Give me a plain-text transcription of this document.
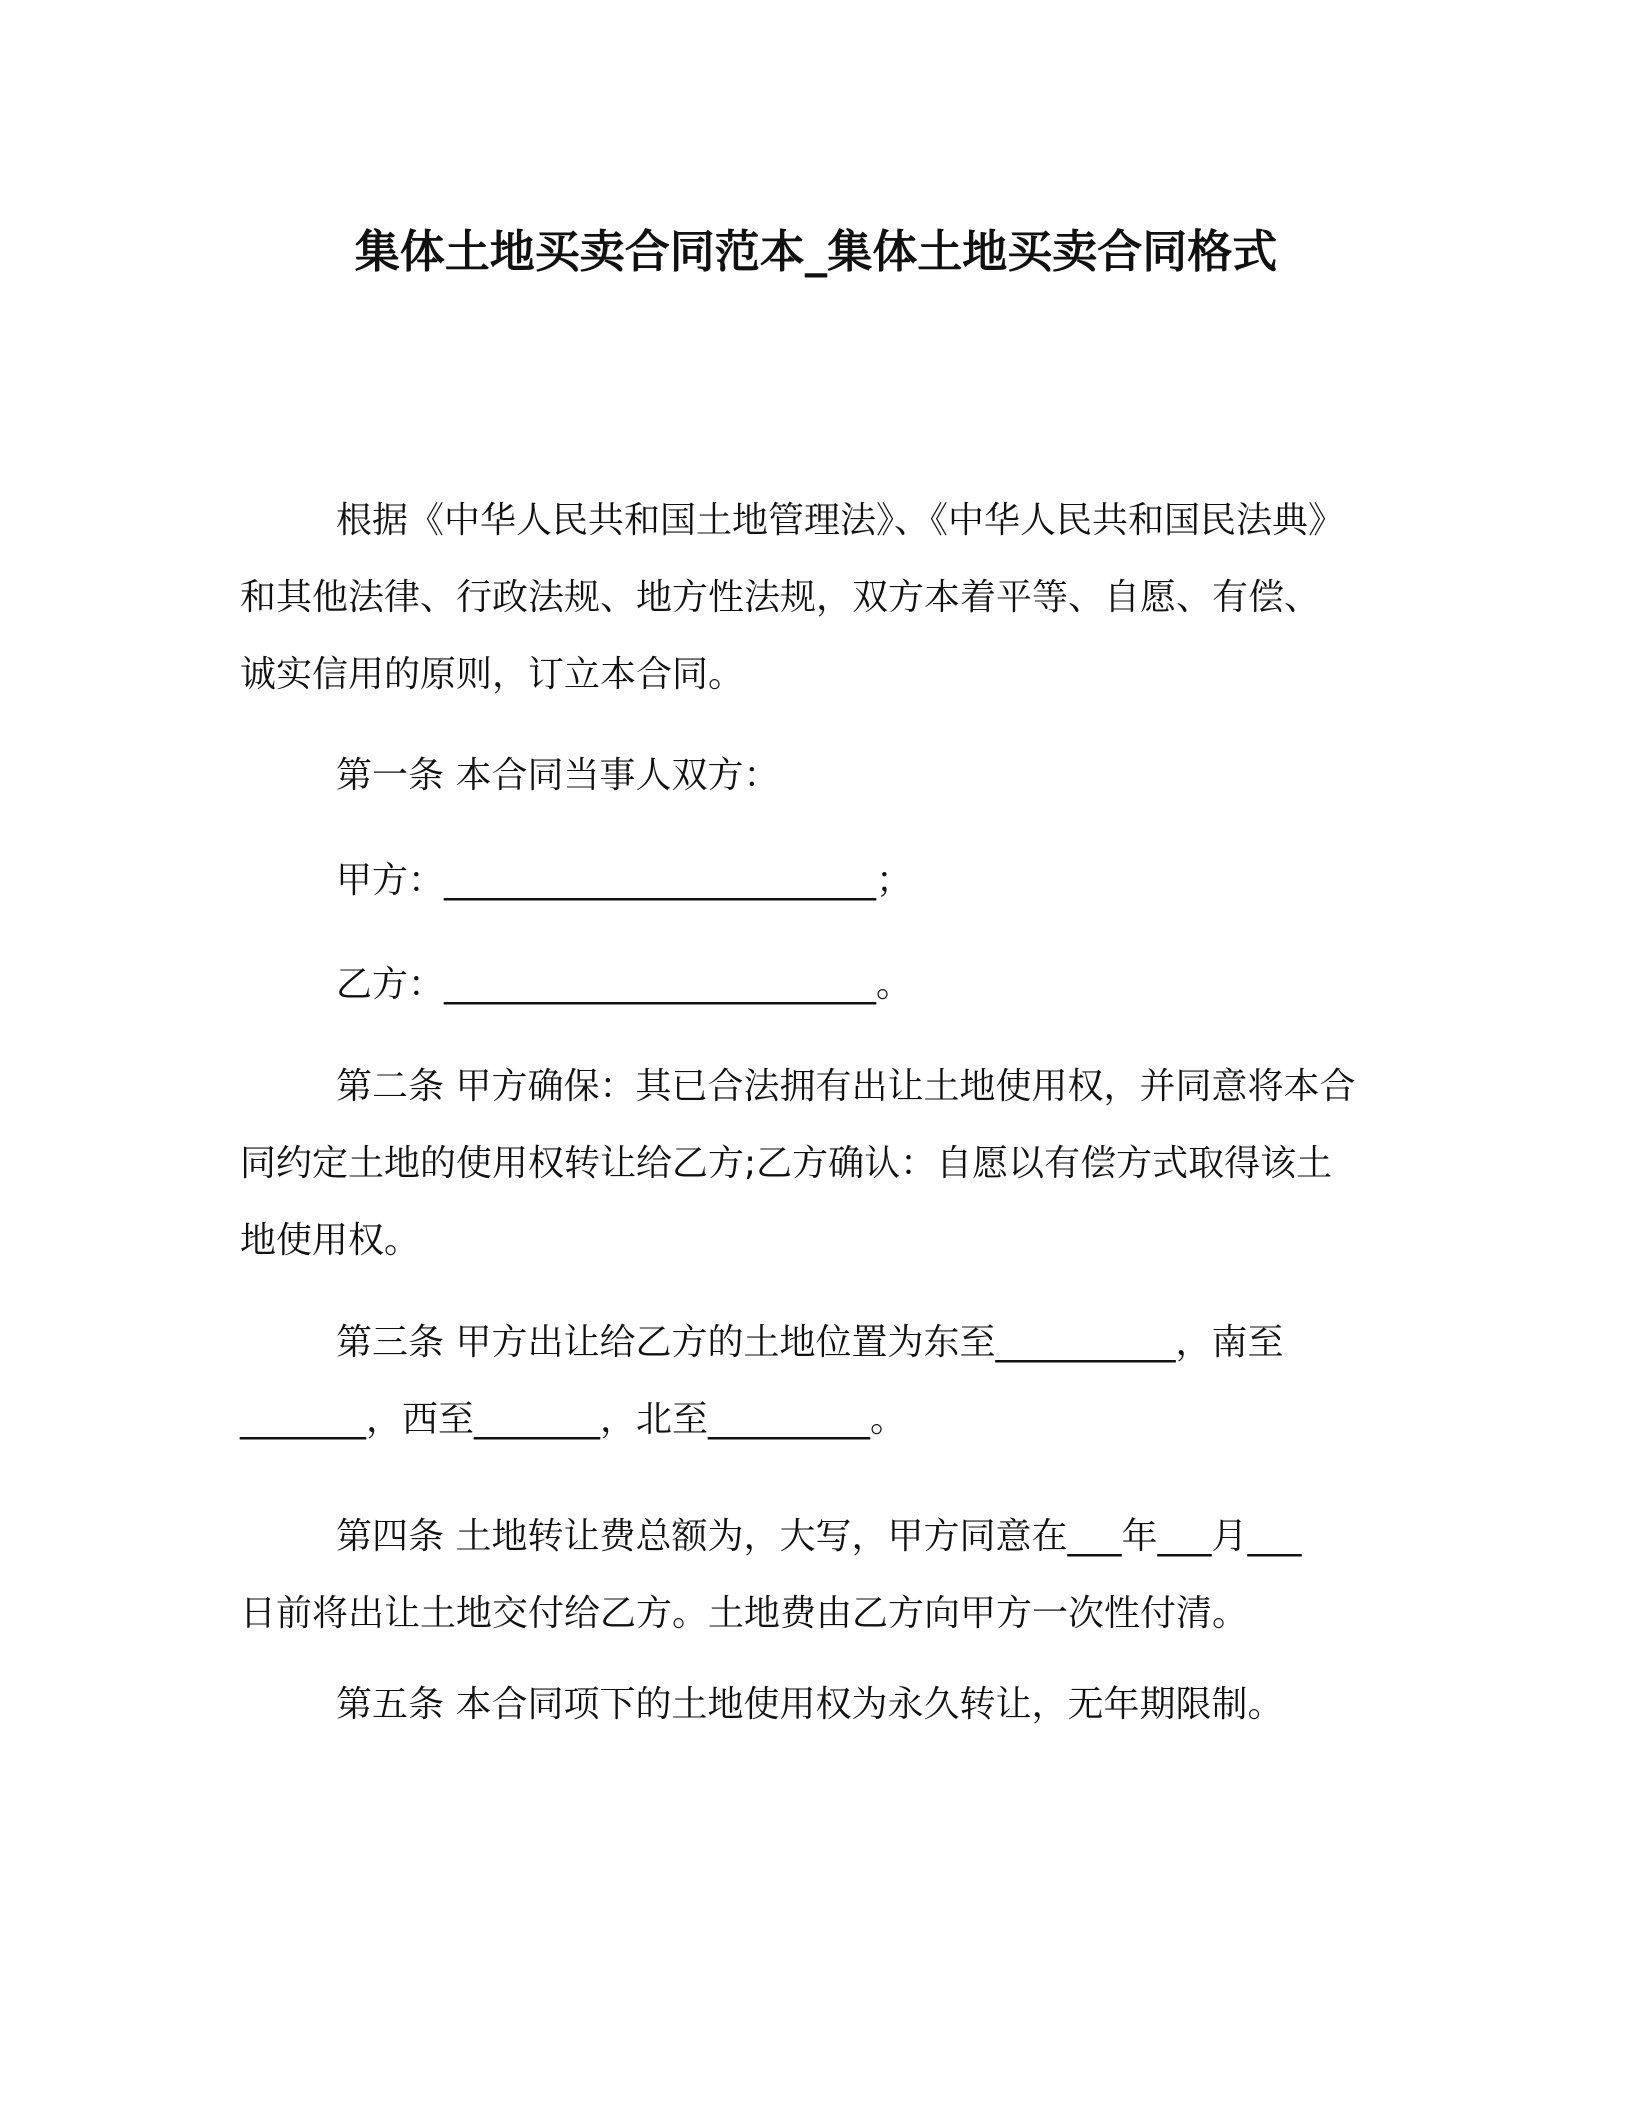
集体土地买卖合同范本_集体土地买卖合同格式
根据《中华人民共和国土地管理法》、《中华人民共和国民法典》
和其他法律、行政法规、地方性法规，双方本着平等、自愿、有偿、
诚实信用的原则，订立本合同。
第一条 本合同当事人双方：
甲方：________________________；
乙方：________________________。
第二条 甲方确保：其已合法拥有出让土地使用权，并同意将本合
同约定土地的使用权转让给乙方;乙方确认：自愿以有偿方式取得该土
地使用权。
第三条 甲方出让给乙方的土地位置为东至__________，南至
_______，西至_______，北至_________。
第四条 土地转让费总额为，大写，甲方同意在___年___月___
日前将出让土地交付给乙方。土地费由乙方向甲方一次性付清。
第五条 本合同项下的土地使用权为永久转让，无年期限制。
